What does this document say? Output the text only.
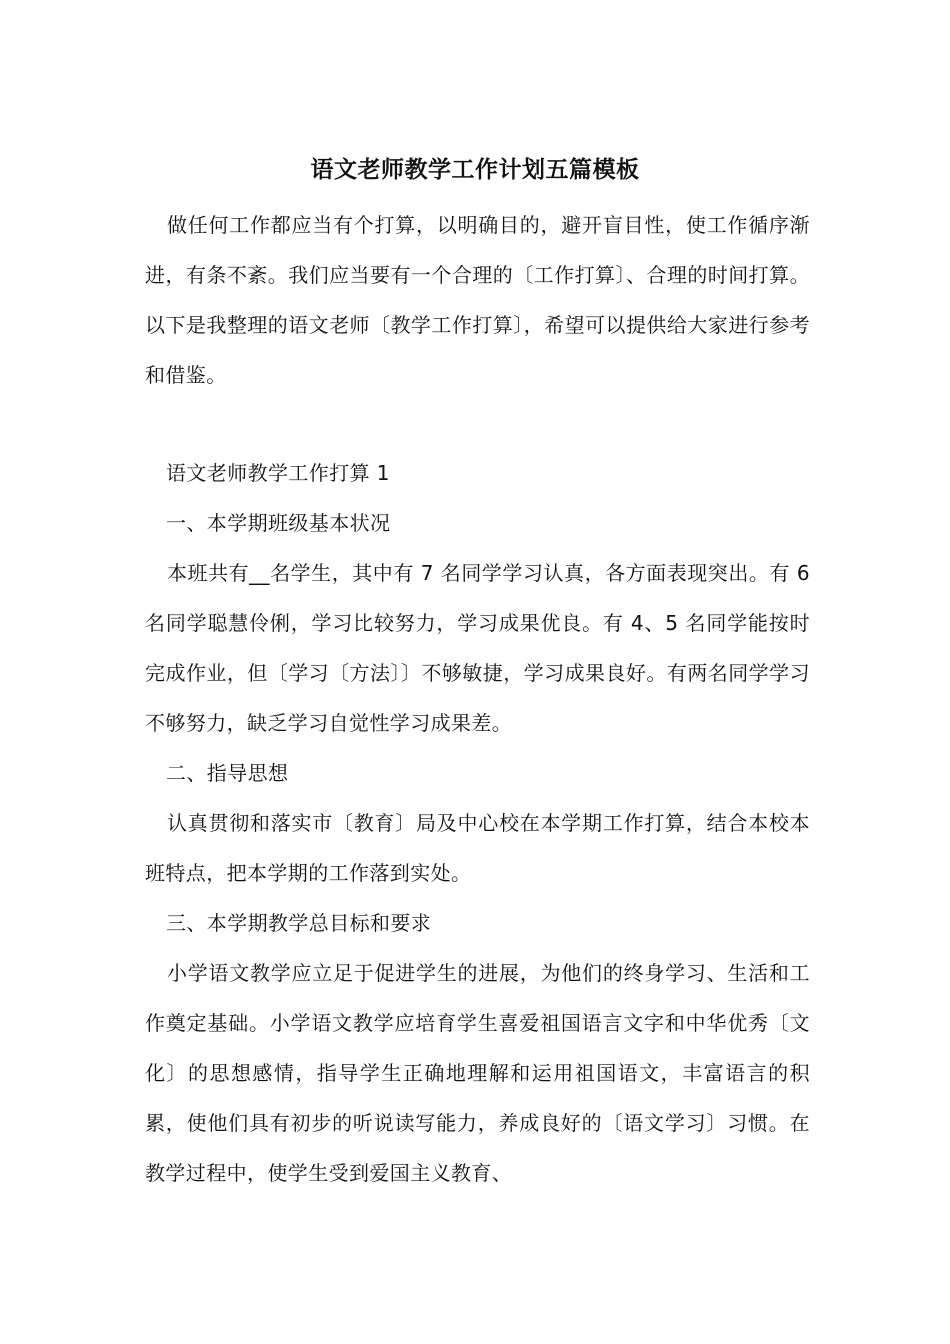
语文老师教学工作计划五篇模板

做任何工作都应当有个打算，以明确目的，避开盲目性，使工作循序渐进，有条不紊。我们应当要有一个合理的〔工作打算〕、合理的时间打算。以下是我整理的语文老师〔教学工作打算〕，希望可以提供给大家进行参考和借鉴。

语文老师教学工作打算 1

一、本学期班级基本状况

本班共有__名学生，其中有 7 名同学学习认真，各方面表现突出。有 6 名同学聪慧伶俐，学习比较努力，学习成果优良。有 4、5 名同学能按时完成作业，但〔学习〔方法〕〕不够敏捷，学习成果良好。有两名同学学习不够努力，缺乏学习自觉性学习成果差。

二、指导思想

认真贯彻和落实市〔教育〕局及中心校在本学期工作打算，结合本校本班特点，把本学期的工作落到实处。

三、本学期教学总目标和要求

小学语文教学应立足于促进学生的进展，为他们的终身学习、生活和工作奠定基础。小学语文教学应培育学生喜爱祖国语言文字和中华优秀〔文化〕的思想感情，指导学生正确地理解和运用祖国语文，丰富语言的积累，使他们具有初步的听说读写能力，养成良好的〔语文学习〕习惯。在教学过程中，使学生受到爱国主义教育、
